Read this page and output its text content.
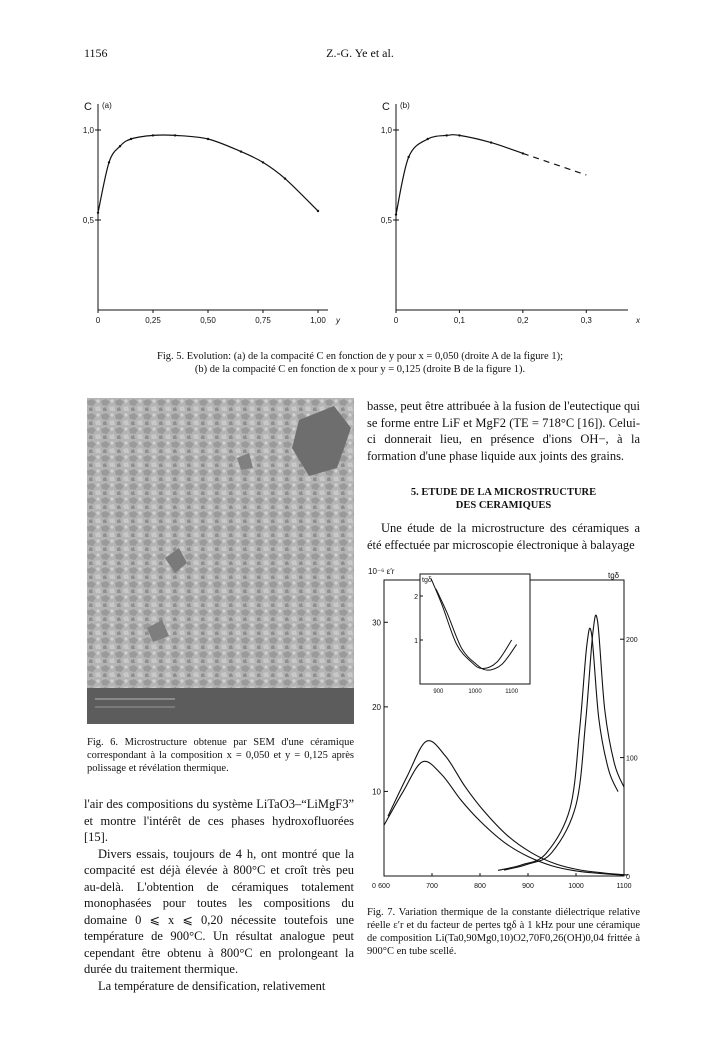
1156	Z.-G. Ye et al.
C (a)
0,5
1,0
0	0,25	0,50	0,75	1,00 y
C (b)
0,5
1,0
0	0,1	0,2	0,3	x
Fig. 5. Evolution: (a) de la compacité C en fonction de y pour x = 0,050 (droite A de la figure 1);
(b) de la compacité C en fonction de x pour y = 0,125 (droite B de la figure 1).
Fig. 6. Microstructure obtenue par SEM d'une céramique correspondant à la composition x = 0,050 et y = 0,125 après polissage et révélation thermique.

l'air des compositions du système LiTaO3–“LiMgF3” et montre l'intérêt de ces phases hydroxofluorées [15].

Divers essais, toujours de 4 h, ont montré que la compacité est déjà élevée à 800°C et croît très peu au-delà. L'obtention de céramiques totalement monophasées pour toutes les compositions du domaine 0 ⩽ x ⩽ 0,20 nécessite toutefois une température de 900°C. Un résultat analogue peut cependant être obtenu à 800°C en prolongeant la durée du traitement thermique.

La température de densification, relativement

basse, peut être attribuée à la fusion de l'eutectique qui se forme entre LiF et MgF2 (TE = 718°C [16]). Celui-ci donnerait lieu, en présence d'ions OH−, à la formation d'une phase liquide aux joints des grains.

5. ETUDE DE LA MICROSTRUCTURE
DES CERAMIQUES

Une étude de la microstructure des céramiques a été effectuée par microscopie électronique à balayage

10⁻⁶ ε′r	tgδ
10
20
30
0
100
200
600	700	800	900	1000	1100
0
tgδ
1
2
900	1000	1100
Fig. 7. Variation thermique de la constante diélectrique relative réelle ε′r et du facteur de pertes tgδ à 1 kHz pour une céramique de composition Li(Ta0,90Mg0,10)O2,70F0,26(OH)0,04 frittée à 900°C en tube scellé.
